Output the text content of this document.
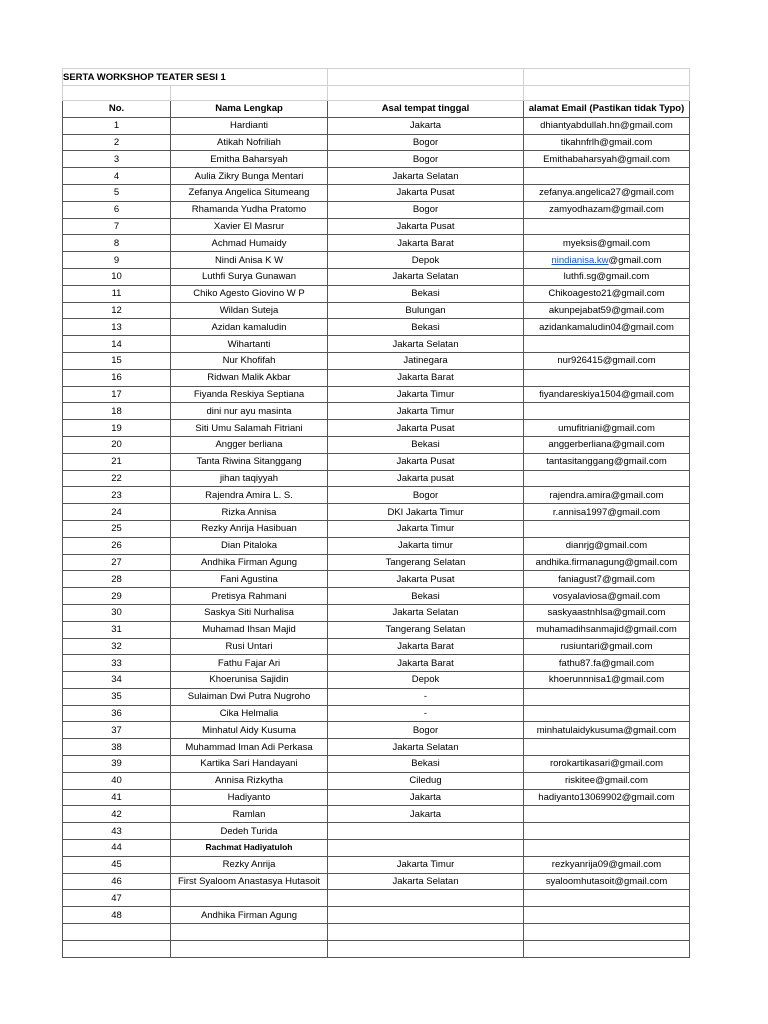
SERTA WORKSHOP TEATER SESI 1			

No.	Nama Lengkap	Asal tempat tinggal	alamat Email (Pastikan tidak Typo)
1	Hardianti	Jakarta	dhiantyabdullah.hn@gmail.com
2	Atikah Nofriliah	Bogor	tikahnfrlh@gmail.com
3	Emitha Baharsyah	Bogor	Emithabaharsyah@gmail.com
4	Aulia Zikry Bunga Mentari	Jakarta Selatan	
5	Zefanya Angelica Situmeang	Jakarta Pusat	zefanya.angelica27@gmail.com
6	Rhamanda Yudha Pratomo	Bogor	zamyodhazam@gmail.com
7	Xavier El Masrur	Jakarta Pusat	
8	Achmad Humaidy	Jakarta Barat	myeksis@gmail.com
9	Nindi Anisa K W	Depok	nindianisa.kw@gmail.com
10	Luthfi Surya Gunawan	Jakarta Selatan	luthfi.sg@gmail.com
11	Chiko Agesto Giovino W P	Bekasi	Chikoagesto21@gmail.com
12	Wildan Suteja	Bulungan	akunpejabat59@gmail.com
13	Azidan kamaludin	Bekasi	azidankamaludin04@gmail.com
14	Wihartanti	Jakarta Selatan	
15	Nur Khofifah	Jatinegara	nur926415@gmail.com
16	Ridwan Malik Akbar	Jakarta Barat	
17	Fiyanda Reskiya Septiana	Jakarta Timur	fiyandareskiya1504@gmail.com
18	dini nur ayu masinta	Jakarta Timur	
19	Siti Umu Salamah Fitriani	Jakarta Pusat	umufitriani@gmail.com
20	Angger berliana	Bekasi	anggerberliana@gmail.com
21	Tanta Riwina Sitanggang	Jakarta Pusat	tantasitanggang@gmail.com
22	jihan taqiyyah	Jakarta pusat	
23	Rajendra Amira L. S.	Bogor	rajendra.amira@gmail.com
24	Rizka Annisa	DKI Jakarta Timur	r.annisa1997@gmail.com
25	Rezky Anrija Hasibuan	Jakarta Timur	
26	Dian Pitaloka	Jakarta timur	dianrjg@gmail.com
27	Andhika Firman Agung	Tangerang Selatan	andhika.firmanagung@gmail.com
28	Fani Agustina	Jakarta Pusat	faniagust7@gmail.com
29	Pretisya Rahmani	Bekasi	vosyalaviosa@gmail.com
30	Saskya Siti Nurhalisa	Jakarta Selatan	saskyaastnhlsa@gmail.com
31	Muhamad Ihsan Majid	Tangerang Selatan	muhamadihsanmajid@gmail.com
32	Rusi Untari	Jakarta Barat	rusiuntari@gmail.com
33	Fathu Fajar Ari	Jakarta Barat	fathu87.fa@gmail.com
34	Khoerunisa Sajidin	Depok	khoerunnnisa1@gmail.com
35	Sulaiman Dwi Putra Nugroho	-	
36	Cika Helmalia	-	
37	Minhatul Aidy Kusuma	Bogor	minhatulaidykusuma@gmail.com
38	Muhammad Iman Adi Perkasa	Jakarta Selatan	
39	Kartika Sari Handayani	Bekasi	rorokartikasari@gmail.com
40	Annisa Rizkytha	Ciledug	riskitee@gmail.com
41	Hadiyanto	Jakarta	hadiyanto13069902@gmail.com
42	Ramlan	Jakarta	
43	Dedeh Turida		
44	Rachmat Hadiyatuloh		
45	Rezky Anrija	Jakarta Timur	rezkyanrija09@gmail.com
46	First Syaloom Anastasya Hutasoit	Jakarta Selatan	syaloomhutasoit@gmail.com
47			
48	Andhika Firman Agung		
